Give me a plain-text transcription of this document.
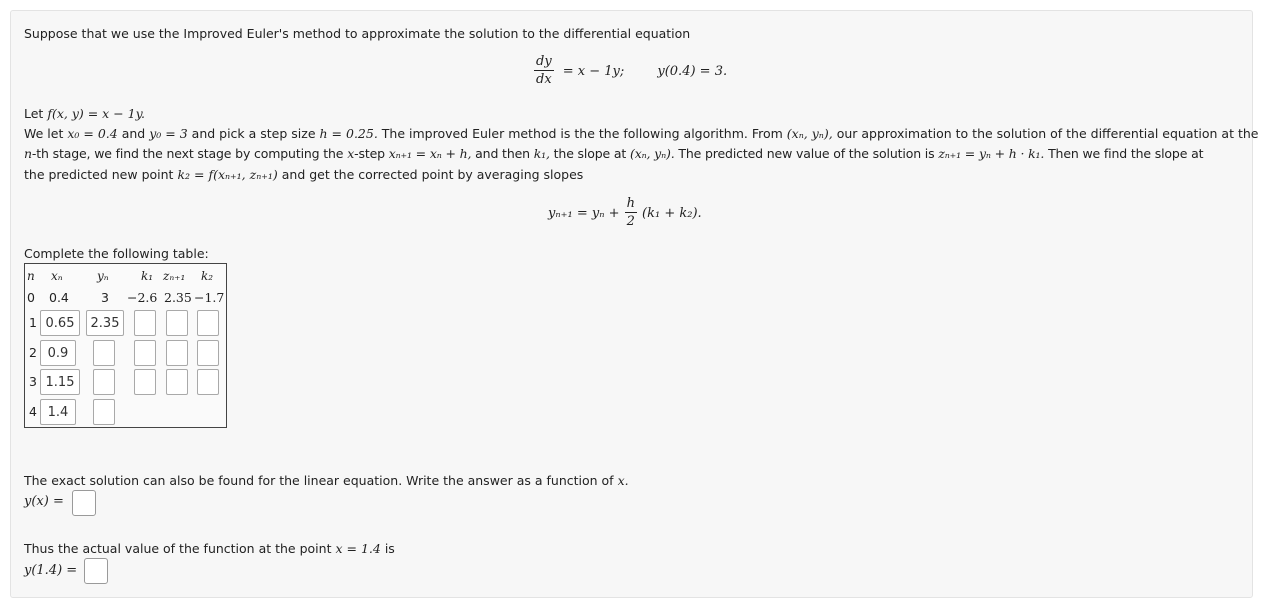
Suppose that we use the Improved Euler's method to approximate the solution to the differential equation
$\frac{dy}{dx} = x - 1y$;	y(0.4) = 3.
Let f(x, y) = x − 1y.
We let x₀ = 0.4 and y₀ = 3 and pick a step size h = 0.25. The improved Euler method is the the following algorithm. From (xₙ, yₙ), our approximation to the solution of the differential equation at the
n-th stage, we find the next stage by computing the x-step xₙ₊₁ = xₙ + h, and then k₁, the slope at (xₙ, yₙ). The predicted new value of the solution is zₙ₊₁ = yₙ + h · k₁. Then we find the slope at
the predicted new point k₂ = f(xₙ₊₁, zₙ₊₁) and get the corrected point by averaging slopes
$y_{n+1} = y_n + \frac{h}{2} (k_1 + k_2)$.
Complete the following table:
n xₙ	yₙ	k₁ zₙ₊₁ k₂
0 0.4	3 −2.6 2.35 −1.7
1 0.65	2.35
2 0.9
3 1.15
4 1.4
The exact solution can also be found for the linear equation. Write the answer as a function of x.
y(x) =
Thus the actual value of the function at the point x = 1.4 is
y(1.4) =
